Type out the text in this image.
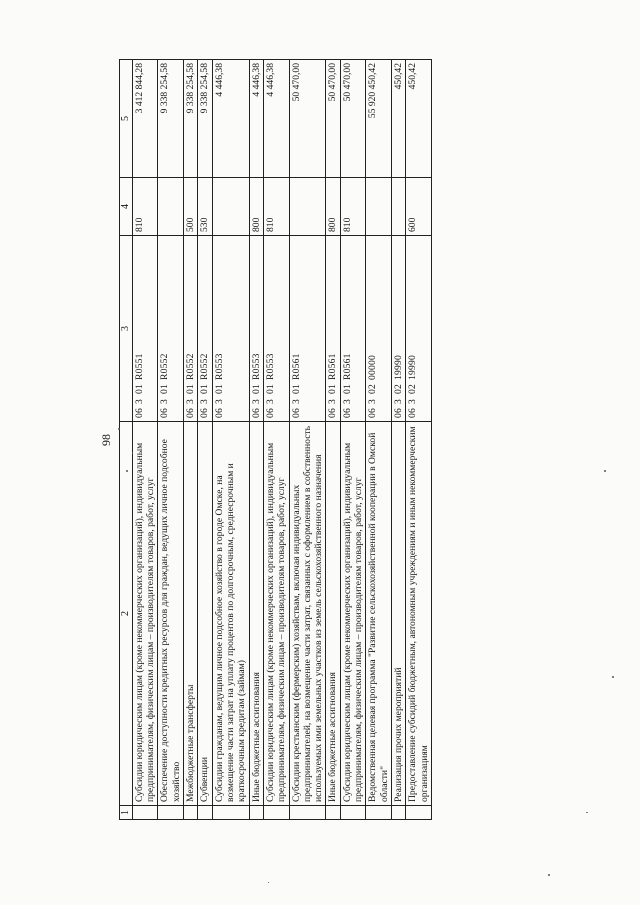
98
1	2	3	4	5
	Субсидии юридическим лицам (кроме некоммерческих организаций), индивидуальным предпринимателям, физическим лицам – производителям товаров, работ, услуг	06301R0551	810	3 412 844,28
	Обеспечение доступности кредитных ресурсов для граждан, ведущих личное подсобное хозяйство	06301R0552		9 338 254,58
	Межбюджетные трансферты	06301R0552	500	9 338 254,58
	Субвенции	06301R0552	530	9 338 254,58
	Субсидии гражданам, ведущим личное подсобное хозяйство в городе Омске, на возмещение части затрат на уплату процентов по долгосрочным, среднесрочным и краткосрочным кредитам (займам)	06301R0553		4 446,38
	Иные бюджетные ассигнования	06301R0553	800	4 446,38
	Субсидии юридическим лицам (кроме некоммерческих организаций), индивидуальным предпринимателям, физическим лицам – производителям товаров, работ, услуг	06301R0553	810	4 446,38
	Субсидии крестьянским (фермерским) хозяйствам, включая индивидуальных предпринимателей, на возмещение части затрат, связанных с оформлением в собственность используемых ими земельных участков из земель сельскохозяйственного назначения	06301R0561		50 470,00
	Иные бюджетные ассигнования	06301R0561	800	50 470,00
	Субсидии юридическим лицам (кроме некоммерческих организаций), индивидуальным предпринимателям, физическим лицам – производителям товаров, работ, услуг	06301R0561	810	50 470,00
	Ведомственная целевая программа "Развитие сельскохозяйственной кооперации в Омской области"	0630200000		55 920 450,42
	Реализация прочих мероприятий	0630219990		450,42
	Предоставление субсидий бюджетным, автономным учреждениям и иным некоммерческим организациям	0630219990	600	450,42
